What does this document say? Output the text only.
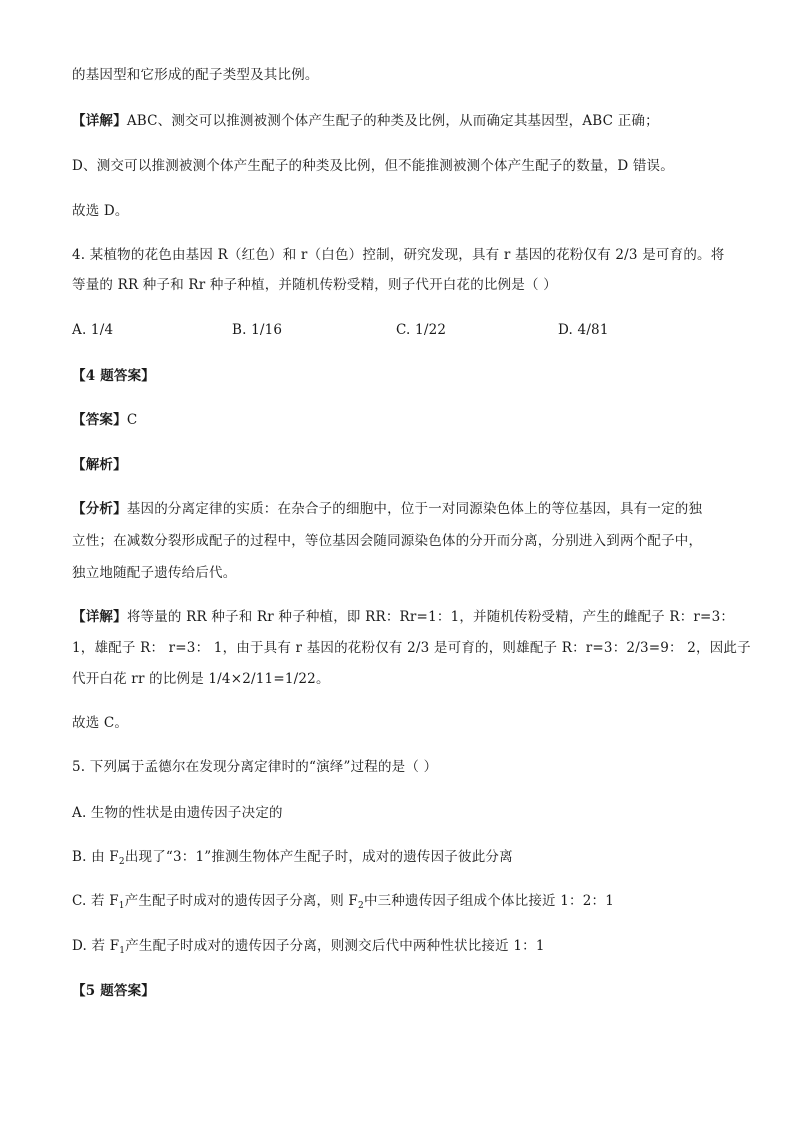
的基因型和它形成的配子类型及其比例。
【详解】ABC、测交可以推测被测个体产生配子的种类及比例，从而确定其基因型，ABC 正确；
D、测交可以推测被测个体产生配子的种类及比例，但不能推测被测个体产生配子的数量，D 错误。
故选 D。
4. 某植物的花色由基因 R（红色）和 r（白色）控制，研究发现，具有 r 基因的花粉仅有 2/3 是可育的。将
等量的 RR 种子和 Rr 种子种植，并随机传粉受精，则子代开白花的比例是（ ）
A. 1/4	B. 1/16	C. 1/22	D. 4/81
【4 题答案】
【答案】C
【解析】
【分析】基因的分离定律的实质：在杂合子的细胞中，位于一对同源染色体上的等位基因，具有一定的独
立性；在减数分裂形成配子的过程中，等位基因会随同源染色体的分开而分离，分别进入到两个配子中，
独立地随配子遗传给后代。
【详解】将等量的 RR 种子和 Rr 种子种植，即 RR：Rr=1：1，并随机传粉受精，产生的雌配子 R：r=3：
1，雄配子 R： r=3： 1，由于具有 r 基因的花粉仅有 2/3 是可育的，则雄配子 R：r=3：2/3=9： 2，因此子
代开白花 rr 的比例是 1/4×2/11=1/22。
故选 C。
5. 下列属于孟德尔在发现分离定律时的“演绎”过程的是（ ）
A. 生物的性状是由遗传因子决定的
B. 由 $F_2$出现了“3：1”推测生物体产生配子时，成对的遗传因子彼此分离
C. 若 $F_1$产生配子时成对的遗传因子分离，则 $F_2$中三种遗传因子组成个体比接近 1：2：1
D. 若 $F_1$产生配子时成对的遗传因子分离，则测交后代中两种性状比接近 1：1
【5 题答案】
